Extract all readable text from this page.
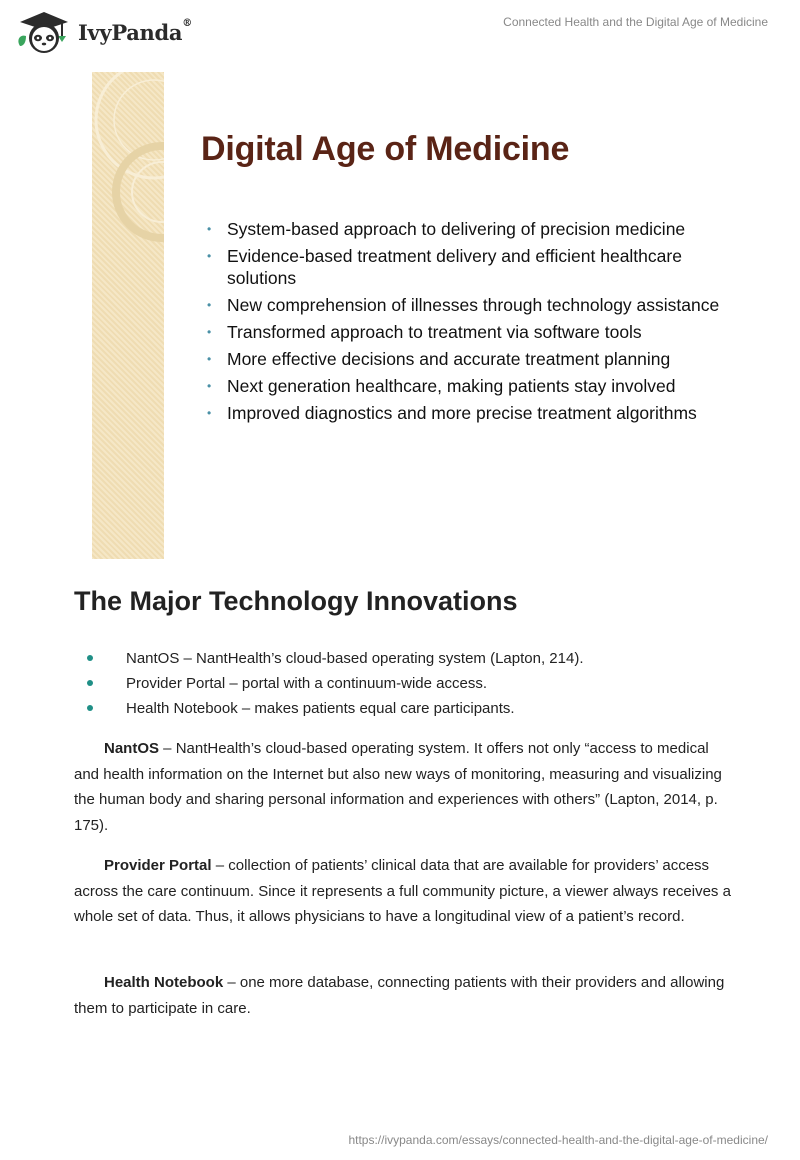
IvyPanda®	Connected Health and the Digital Age of Medicine
Digital Age of Medicine
• System-based approach to delivering of precision medicine
• Evidence-based treatment delivery and efficient healthcare solutions
• New comprehension of illnesses through technology assistance
• Transformed approach to treatment via software tools
• More effective decisions and accurate treatment planning
• Next generation healthcare, making patients stay involved
• Improved diagnostics and more precise treatment algorithms
The Major Technology Innovations
NantOS – NantHealth’s cloud-based operating system (Lapton, 214).
Provider Portal – portal with a continuum-wide access.
Health Notebook – makes patients equal care participants.

NantOS – NantHealth’s cloud-based operating system. It offers not only “access to medical and health information on the Internet but also new ways of monitoring, measuring and visualizing the human body and sharing personal information and experiences with others” (Lapton, 2014, p. 175).

Provider Portal – collection of patients’ clinical data that are available for providers’ access across the care continuum. Since it represents a full community picture, a viewer always receives a whole set of data. Thus, it allows physicians to have a longitudinal view of a patient’s record.

Health Notebook – one more database, connecting patients with their providers and allowing them to participate in care.

https://ivypanda.com/essays/connected-health-and-the-digital-age-of-medicine/
